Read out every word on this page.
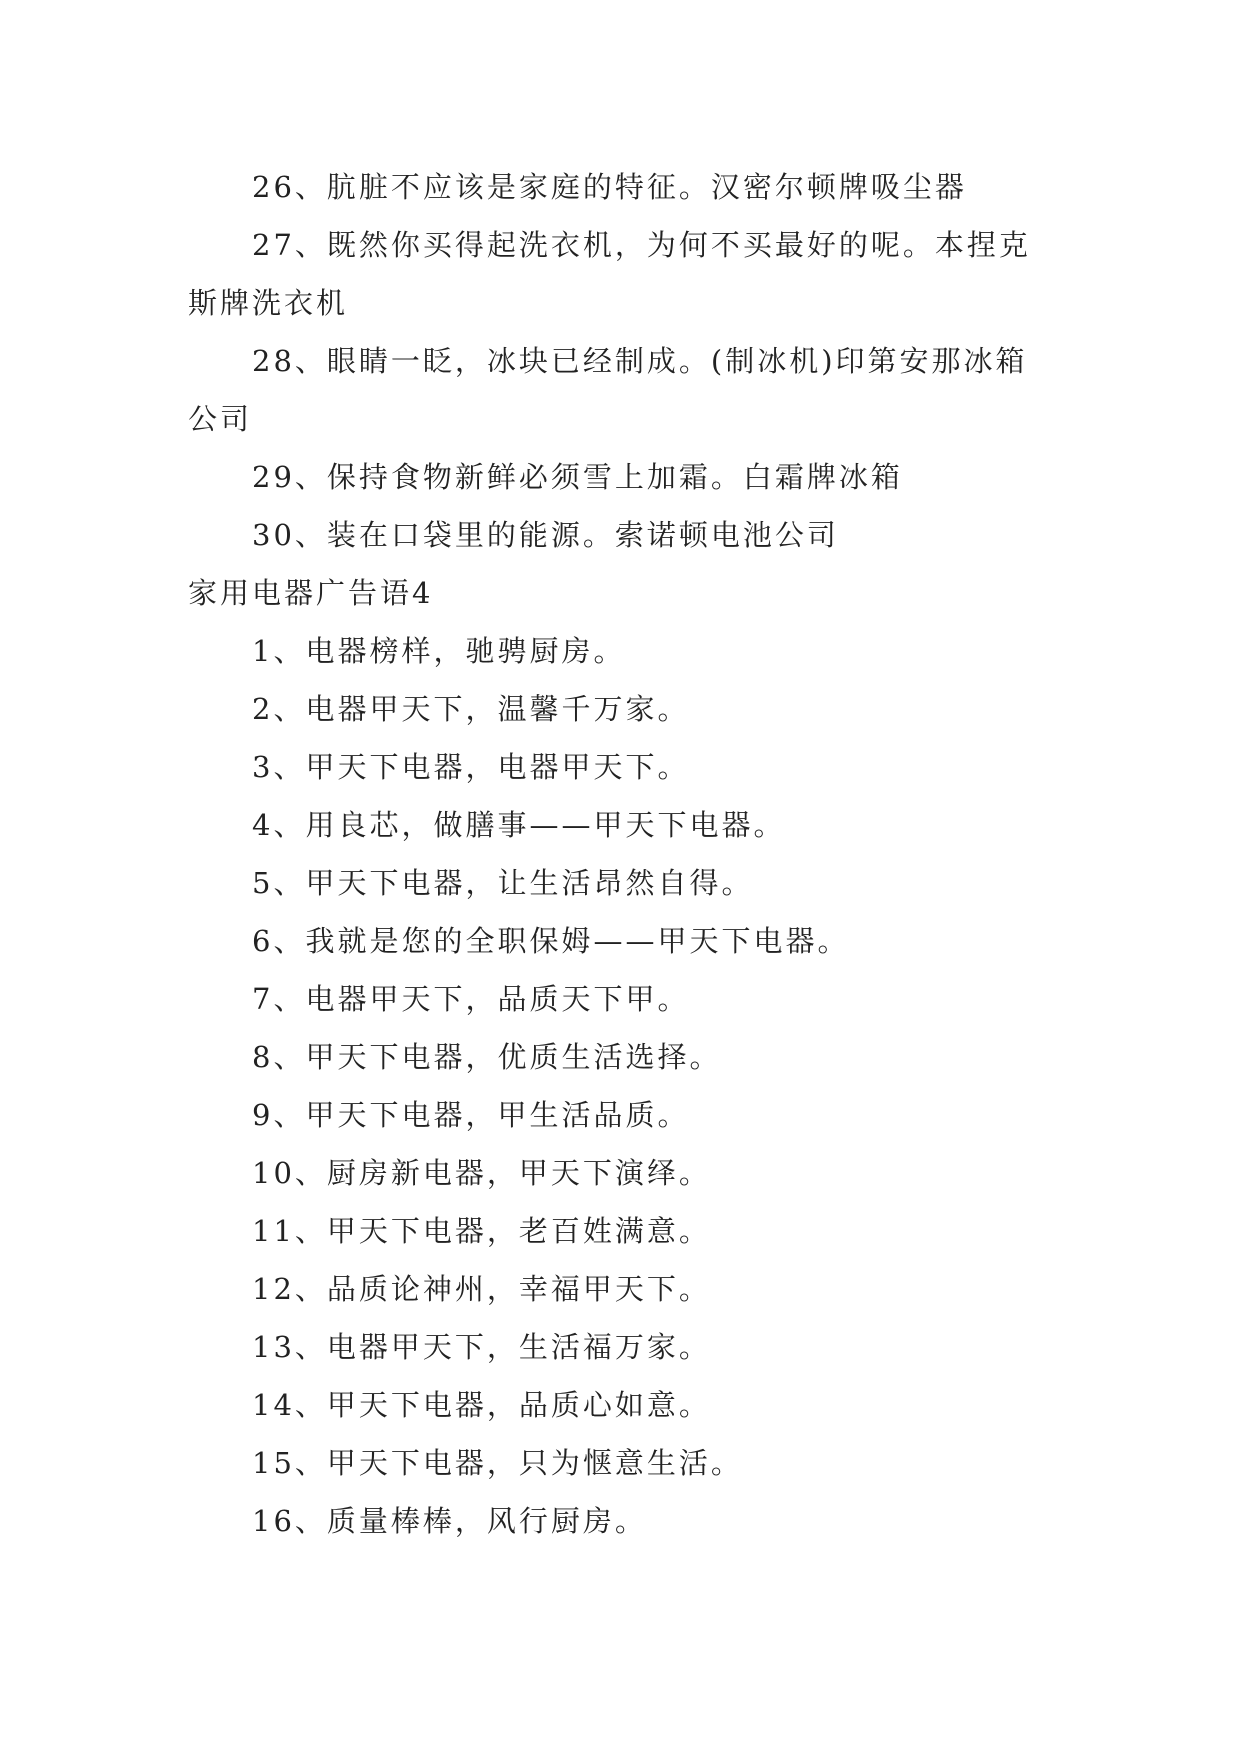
26、肮脏不应该是家庭的特征。汉密尔顿牌吸尘器
27、既然你买得起洗衣机，为何不买最好的呢。本捏克
斯牌洗衣机
28、眼睛一眨，冰块已经制成。(制冰机)印第安那冰箱
公司
29、保持食物新鲜必须雪上加霜。白霜牌冰箱
30、装在口袋里的能源。索诺顿电池公司
家用电器广告语4
1、电器榜样，驰骋厨房。
2、电器甲天下，温馨千万家。
3、甲天下电器，电器甲天下。
4、用良芯，做膳事——甲天下电器。
5、甲天下电器，让生活昂然自得。
6、我就是您的全职保姆——甲天下电器。
7、电器甲天下，品质天下甲。
8、甲天下电器，优质生活选择。
9、甲天下电器，甲生活品质。
10、厨房新电器，甲天下演绎。
11、甲天下电器，老百姓满意。
12、品质论神州，幸福甲天下。
13、电器甲天下，生活福万家。
14、甲天下电器，品质心如意。
15、甲天下电器，只为惬意生活。
16、质量棒棒，风行厨房。
